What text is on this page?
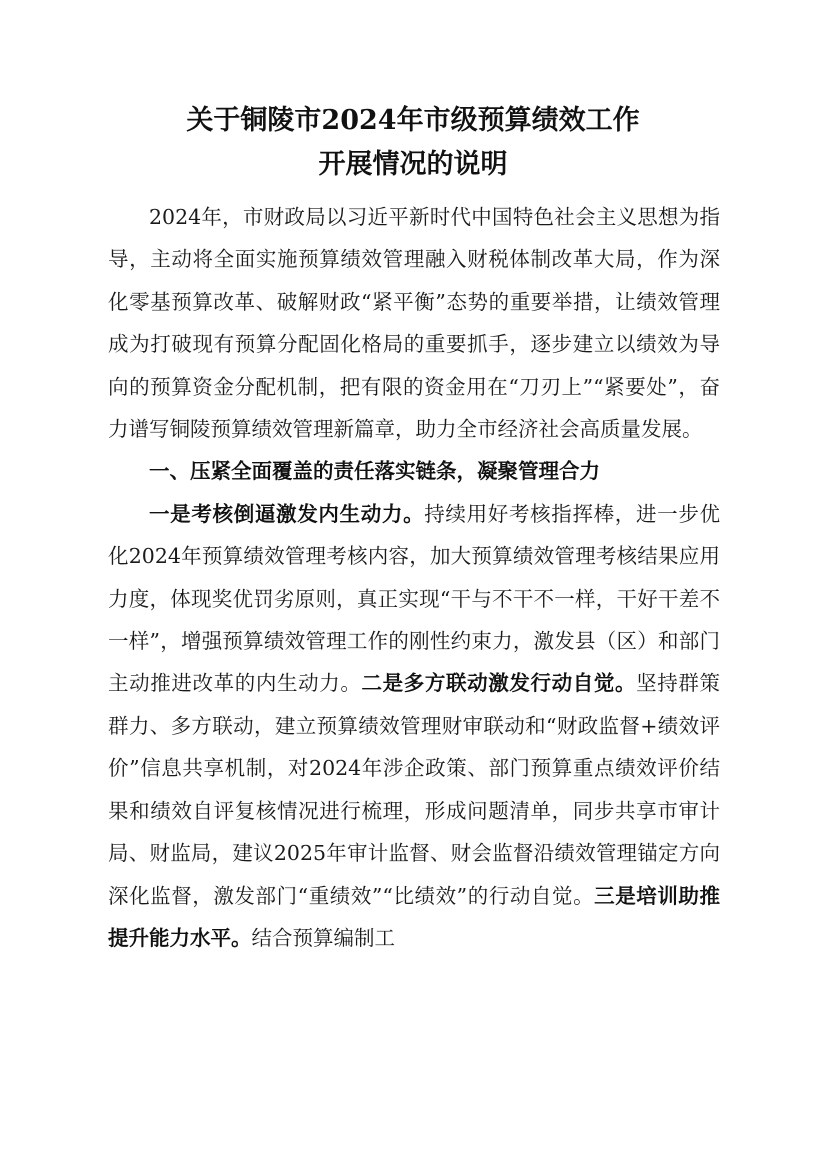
关于铜陵市2024年市级预算绩效工作
开展情况的说明

2024年，市财政局以习近平新时代中国特色社会主义思想为指导，主动将全面实施预算绩效管理融入财税体制改革大局，作为深化零基预算改革、破解财政“紧平衡”态势的重要举措，让绩效管理成为打破现有预算分配固化格局的重要抓手，逐步建立以绩效为导向的预算资金分配机制，把有限的资金用在“刀刃上”“紧要处”，奋力谱写铜陵预算绩效管理新篇章，助力全市经济社会高质量发展。

一、压紧全面覆盖的责任落实链条，凝聚管理合力

一是考核倒逼激发内生动力。持续用好考核指挥棒，进一步优化2024年预算绩效管理考核内容，加大预算绩效管理考核结果应用力度，体现奖优罚劣原则，真正实现“干与不干不一样，干好干差不一样”，增强预算绩效管理工作的刚性约束力，激发县（区）和部门主动推进改革的内生动力。二是多方联动激发行动自觉。坚持群策群力、多方联动，建立预算绩效管理财审联动和“财政监督+绩效评价”信息共享机制，对2024年涉企政策、部门预算重点绩效评价结果和绩效自评复核情况进行梳理，形成问题清单，同步共享市审计局、财监局，建议2025年审计监督、财会监督沿绩效管理锚定方向深化监督，激发部门“重绩效”“比绩效”的行动自觉。三是培训助推提升能力水平。结合预算编制工
